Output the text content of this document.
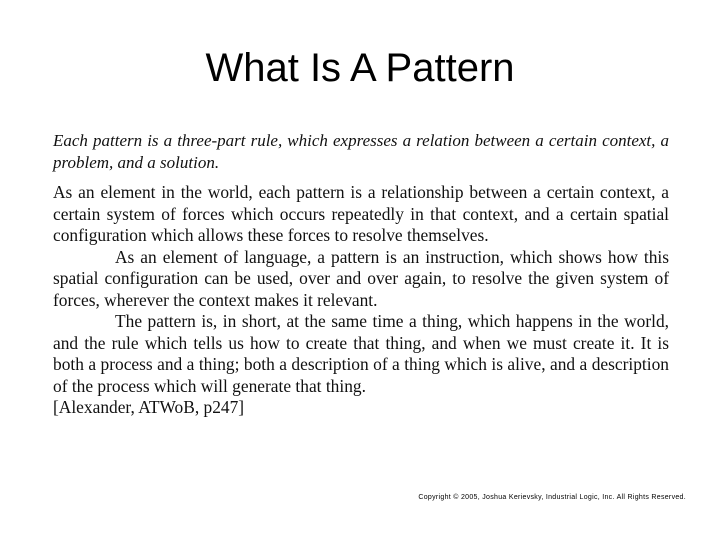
What Is A Pattern

Each pattern is a three-part rule, which expresses a relation between a certain context, a problem, and a solution.

As an element in the world, each pattern is a relationship between a certain context, a certain system of forces which occurs repeatedly in that context, and a certain spatial configuration which allows these forces to resolve themselves.

As an element of language, a pattern is an instruction, which shows how this spatial configuration can be used, over and over again, to resolve the given system of forces, wherever the context makes it relevant.

The pattern is, in short, at the same time a thing, which happens in the world, and the rule which tells us how to create that thing, and when we must create it. It is both a process and a thing; both a description of a thing which is alive, and a description of the process which will generate that thing.

[Alexander, ATWoB, p247]

Copyright © 2005, Joshua Kerievsky, Industrial Logic, Inc. All Rights Reserved.
